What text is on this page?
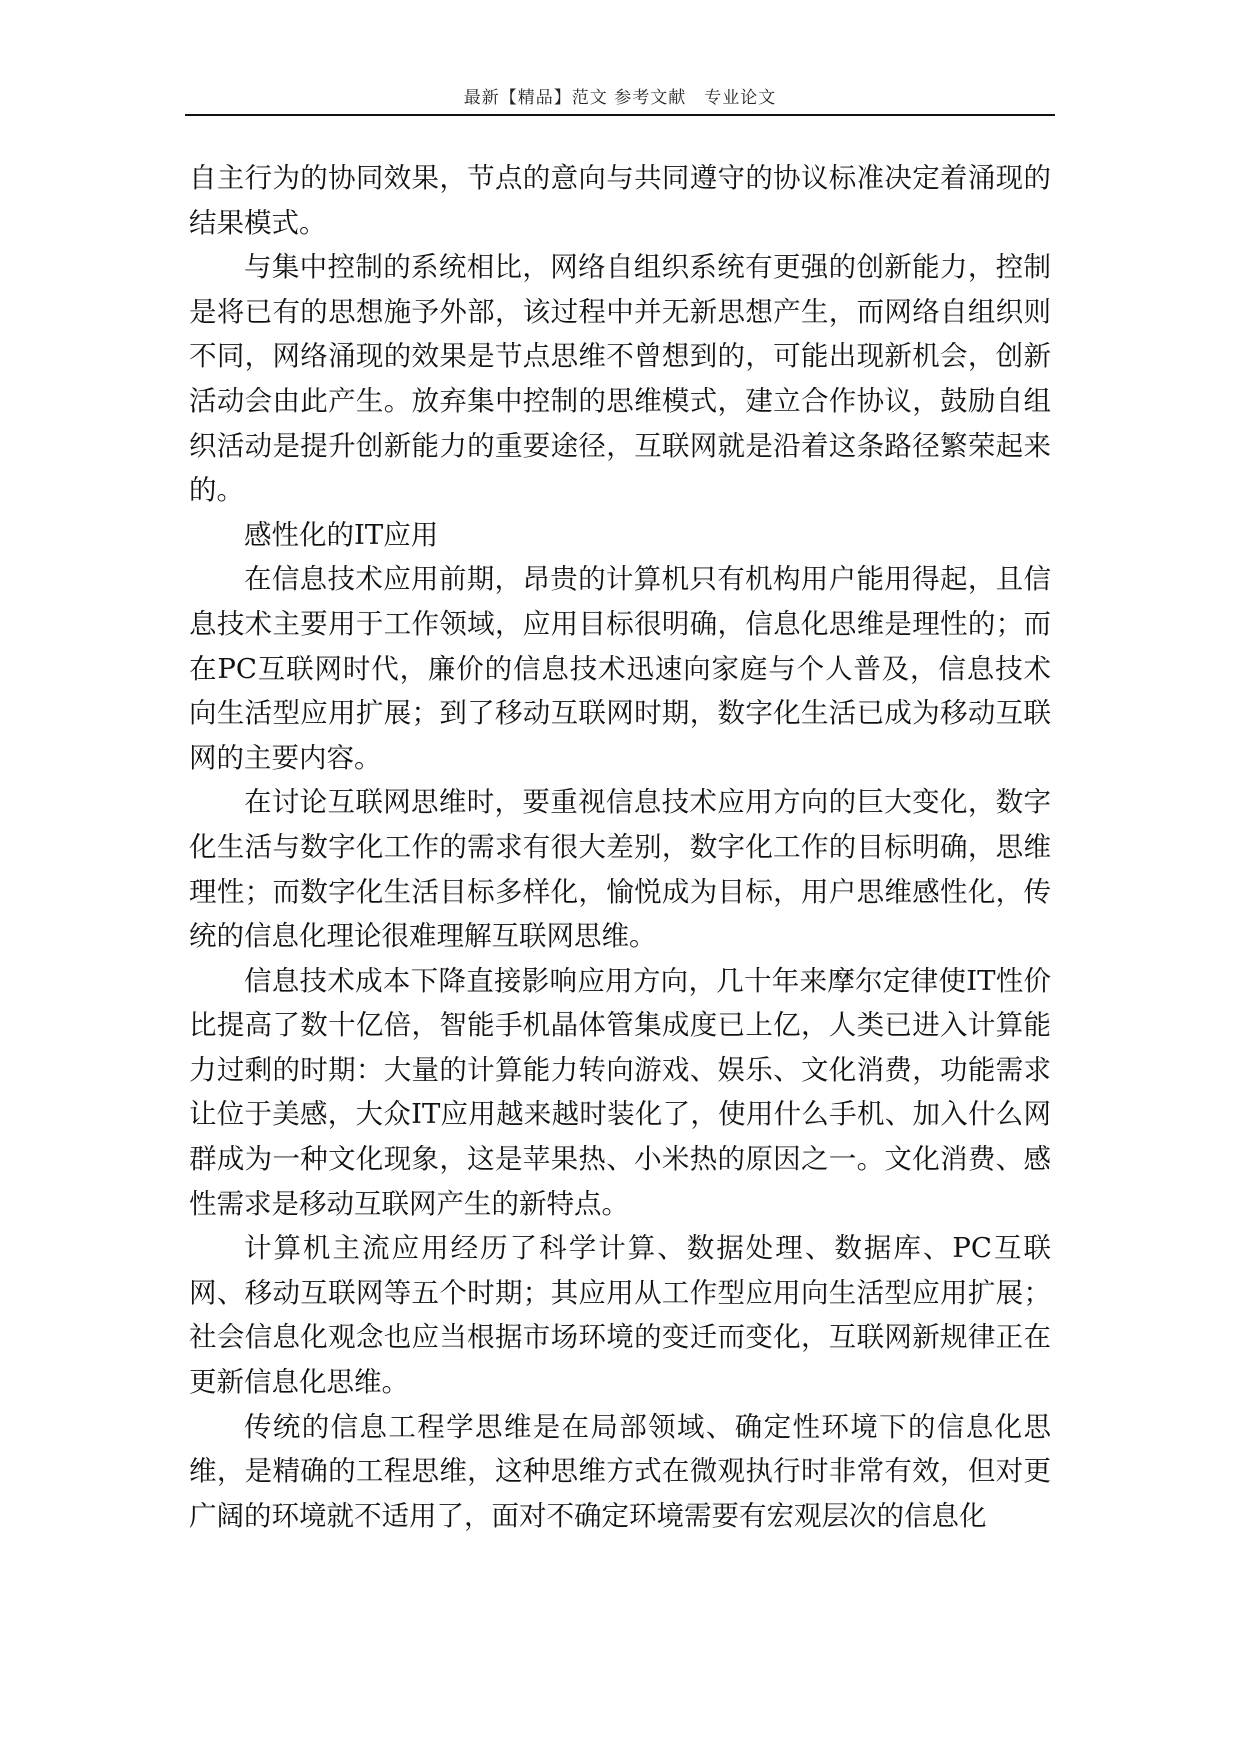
最新【精品】范文 参考文献　专业论文

自主行为的协同效果，节点的意向与共同遵守的协议标准决定着涌现的结果模式。

与集中控制的系统相比，网络自组织系统有更强的创新能力，控制是将已有的思想施予外部，该过程中并无新思想产生，而网络自组织则不同，网络涌现的效果是节点思维不曾想到的，可能出现新机会，创新活动会由此产生。放弃集中控制的思维模式，建立合作协议，鼓励自组织活动是提升创新能力的重要途径，互联网就是沿着这条路径繁荣起来的。

感性化的IT应用

在信息技术应用前期，昂贵的计算机只有机构用户能用得起，且信息技术主要用于工作领域，应用目标很明确，信息化思维是理性的；而在PC互联网时代，廉价的信息技术迅速向家庭与个人普及，信息技术向生活型应用扩展；到了移动互联网时期，数字化生活已成为移动互联网的主要内容。

在讨论互联网思维时，要重视信息技术应用方向的巨大变化，数字化生活与数字化工作的需求有很大差别，数字化工作的目标明确，思维理性；而数字化生活目标多样化，愉悦成为目标，用户思维感性化，传统的信息化理论很难理解互联网思维。

信息技术成本下降直接影响应用方向，几十年来摩尔定律使IT性价比提高了数十亿倍，智能手机晶体管集成度已上亿，人类已进入计算能力过剩的时期：大量的计算能力转向游戏、娱乐、文化消费，功能需求让位于美感，大众IT应用越来越时装化了，使用什么手机、加入什么网群成为一种文化现象，这是苹果热、小米热的原因之一。文化消费、感性需求是移动互联网产生的新特点。

计算机主流应用经历了科学计算、数据处理、数据库、PC互联网、移动互联网等五个时期；其应用从工作型应用向生活型应用扩展；社会信息化观念也应当根据市场环境的变迁而变化，互联网新规律正在更新信息化思维。

传统的信息工程学思维是在局部领域、确定性环境下的信息化思维，是精确的工程思维，这种思维方式在微观执行时非常有效，但对更广阔的环境就不适用了，面对不确定环境需要有宏观层次的信息化
